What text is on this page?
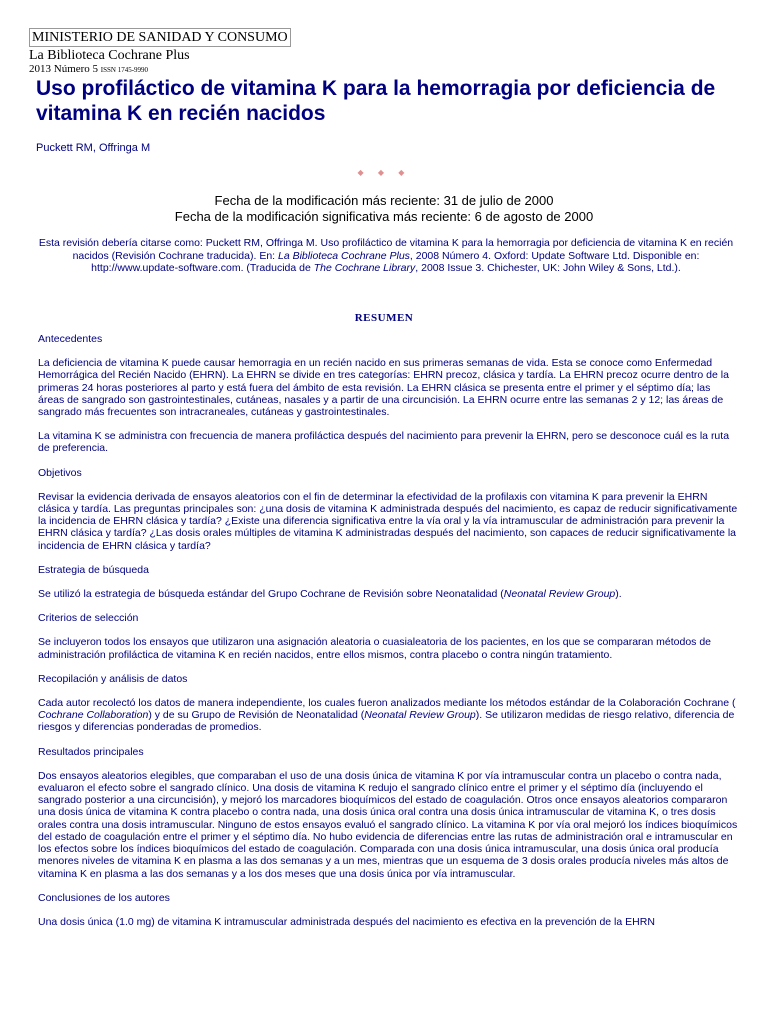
MINISTERIO DE SANIDAD Y CONSUMO
La Biblioteca Cochrane Plus
2013 Número 5 ISSN 1745-9990
Uso profiláctico de vitamina K para la hemorragia por deficiencia de vitamina K en recién nacidos
Puckett RM, Offringa M
◆ ◆ ◆
Fecha de la modificación más reciente: 31 de julio de 2000
Fecha de la modificación significativa más reciente: 6 de agosto de 2000
Esta revisión debería citarse como: Puckett RM, Offringa M. Uso profiláctico de vitamina K para la hemorragia por deficiencia de vitamina K en recién nacidos (Revisión Cochrane traducida). En: La Biblioteca Cochrane Plus, 2008 Número 4. Oxford: Update Software Ltd. Disponible en: http://www.update-software.com. (Traducida de The Cochrane Library, 2008 Issue 3. Chichester, UK: John Wiley & Sons, Ltd.).
RESUMEN
Antecedentes
La deficiencia de vitamina K puede causar hemorragia en un recién nacido en sus primeras semanas de vida. Esta se conoce como Enfermedad Hemorrágica del Recién Nacido (EHRN). La EHRN se divide en tres categorías: EHRN precoz, clásica y tardía. La EHRN precoz ocurre dentro de la primeras 24 horas posteriores al parto y está fuera del ámbito de esta revisión. La EHRN clásica se presenta entre el primer y el séptimo día; las áreas de sangrado son gastrointestinales, cutáneas, nasales y a partir de una circuncisión. La EHRN ocurre entre las semanas 2 y 12; las áreas de sangrado más frecuentes son intracraneales, cutáneas y gastrointestinales.
La vitamina K se administra con frecuencia de manera profiláctica después del nacimiento para prevenir la EHRN, pero se desconoce cuál es la ruta de preferencia.
Objetivos
Revisar la evidencia derivada de ensayos aleatorios con el fin de determinar la efectividad de la profilaxis con vitamina K para prevenir la EHRN clásica y tardía. Las preguntas principales son: ¿una dosis de vitamina K administrada después del nacimiento, es capaz de reducir significativamente la incidencia de EHRN clásica y tardía? ¿Existe una diferencia significativa entre la vía oral y la vía intramuscular de administración para prevenir la EHRN clásica y tardía? ¿Las dosis orales múltiples de vitamina K administradas después del nacimiento, son capaces de reducir significativamente la incidencia de EHRN clásica y tardía?
Estrategia de búsqueda
Se utilizó la estrategia de búsqueda estándar del Grupo Cochrane de Revisión sobre Neonatalidad (Neonatal Review Group).
Criterios de selección
Se incluyeron todos los ensayos que utilizaron una asignación aleatoria o cuasialeatoria de los pacientes, en los que se compararan métodos de administración profiláctica de vitamina K en recién nacidos, entre ellos mismos, contra placebo o contra ningún tratamiento.
Recopilación y análisis de datos
Cada autor recolectó los datos de manera independiente, los cuales fueron analizados mediante los métodos estándar de la Colaboración Cochrane ( Cochrane Collaboration) y de su Grupo de Revisión de Neonatalidad (Neonatal Review Group). Se utilizaron medidas de riesgo relativo, diferencia de riesgos y diferencias ponderadas de promedios.
Resultados principales
Dos ensayos aleatorios elegibles, que comparaban el uso de una dosis única de vitamina K por vía intramuscular contra un placebo o contra nada, evaluaron el efecto sobre el sangrado clínico. Una dosis de vitamina K redujo el sangrado clínico entre el primer y el séptimo día (incluyendo el sangrado posterior a una circuncisión), y mejoró los marcadores bioquímicos del estado de coagulación. Otros once ensayos aleatorios compararon una dosis única de vitamina K contra placebo o contra nada, una dosis única oral contra una dosis única intramuscular de vitamina K, o tres dosis orales contra una dosis intramuscular. Ninguno de estos ensayos evaluó el sangrado clínico. La vitamina K por vía oral mejoró los índices bioquímicos del estado de coagulación entre el primer y el séptimo día. No hubo evidencia de diferencias entre las rutas de administración oral e intramuscular en los efectos sobre los índices bioquímicos del estado de coagulación. Comparada con una dosis única intramuscular, una dosis única oral producía menores niveles de vitamina K en plasma a las dos semanas y a un mes, mientras que un esquema de 3 dosis orales producía niveles más altos de vitamina K en plasma a las dos semanas y a los dos meses que una dosis única por vía intramuscular.
Conclusiones de los autores
Una dosis única (1.0 mg) de vitamina K intramuscular administrada después del nacimiento es efectiva en la prevención de la EHRN
